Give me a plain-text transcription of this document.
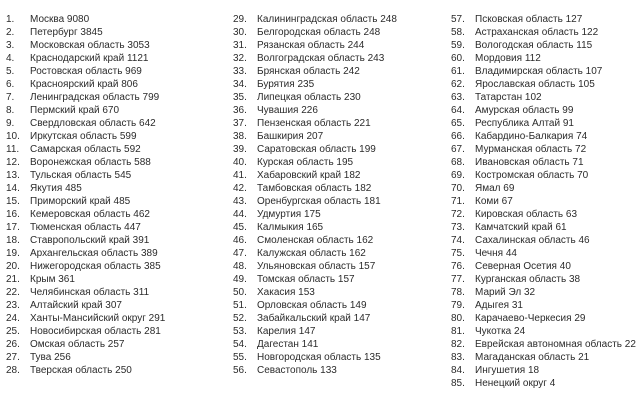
1.	Москва 9080
2.	Петербург 3845
3.	Московская область 3053
4.	Краснодарский край 1121
5.	Ростовская область 969
6.	Красноярский край 806
7.	Ленинградская область 799
8.	Пермский край 670
9.	Свердловская область 642
10.	Иркутская область 599
11.	Самарская область 592
12.	Воронежская область 588
13.	Тульская область 545
14.	Якутия 485
15.	Приморский край 485
16.	Кемеровская область 462
17.	Тюменская область 447
18.	Ставропольский край 391
19.	Архангельская область 389
20.	Нижегородская область 385
21.	Крым 361
22.	Челябинская область 311
23.	Алтайский край 307
24.	Ханты-Мансийский округ 291
25.	Новосибирская область 281
26.	Омская область 257
27.	Тува 256
28.	Тверская область 250
29.	Калининградская область 248
30.	Белгородская область 248
31.	Рязанская область 244
32.	Волгоградская область 243
33.	Брянская область 242
34.	Бурятия 235
35.	Липецкая область 230
36.	Чувашия 226
37.	Пензенская область 221
38.	Башкирия 207
39.	Саратовская область 199
40.	Курская область 195
41.	Хабаровский край 182
42.	Тамбовская область 182
43.	Оренбургская область 181
44.	Удмуртия 175
45.	Калмыкия 165
46.	Смоленская область 162
47.	Калужская область 162
48.	Ульяновская область 157
49.	Томская область 157
50.	Хакасия 153
51.	Орловская область 149
52.	Забайкальский край 147
53.	Карелия 147
54.	Дагестан 141
55.	Новгородская область 135
56.	Севастополь 133
57.	Псковская область 127
58.	Астраханская область 122
59.	Вологодская область 115
60.	Мордовия 112
61.	Владимирская область 107
62.	Ярославская область 105
63.	Татарстан 102
64.	Амурская область 99
65.	Республика Алтай 91
66.	Кабардино-Балкария 74
67.	Мурманская область 72
68.	Ивановская область 71
69.	Костромская область 70
70.	Ямал 69
71.	Коми 67
72.	Кировская область 63
73.	Камчатский край 61
74.	Сахалинская область 46
75.	Чечня 44
76.	Северная Осетия 40
77.	Курганская область 38
78.	Марий Эл 32
79.	Адыгея 31
80.	Карачаево-Черкесия 29
81.	Чукотка 24
82.	Еврейская автономная область 22
83.	Магаданская область 21
84.	Ингушетия 18
85.	Ненецкий округ 4
